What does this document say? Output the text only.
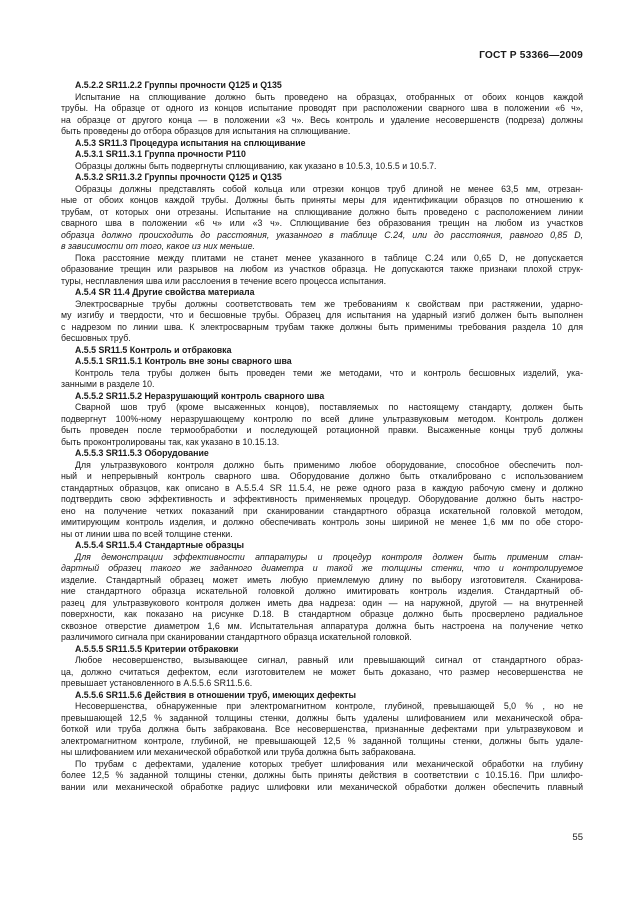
ГОСТ Р 53366—2009
A.5.2.2 SR11.2.2 Группы прочности Q125 и Q135
Испытание на сплющивание должно быть проведено на образцах, отобранных от обоих концов каждой
трубы. На образце от одного из концов испытание проводят при расположении сварного шва в положении «6 ч»,
на образце от другого конца — в положении «3 ч». Весь контроль и удаление несовершенств (подреза) должны
быть проведены до отбора образцов для испытания на сплющивание.
A.5.3 SR11.3 Процедура испытания на сплющивание
A.5.3.1 SR11.3.1 Группа прочности P110
Образцы должны быть подвергнуты сплющиванию, как указано в 10.5.3, 10.5.5 и 10.5.7.
A.5.3.2 SR11.3.2 Группы прочности Q125 и Q135
Образцы должны представлять собой кольца или отрезки концов труб длиной не менее 63,5 мм, отрезан-
ные от обоих концов каждой трубы. Должны быть приняты меры для идентификации образцов по отношению к
трубам, от которых они отрезаны. Испытание на сплющивание должно быть проведено с расположением линии
сварного шва в положении «6 ч» или «3 ч». Сплющивание без образования трещин на любом из участков
образца должно происходить до расстояния, указанного в таблице С.24, или до расстояния, равного 0,85 D,
в зависимости от того, какое из них меньше.
Пока расстояние между плитами не станет менее указанного в таблице С.24 или 0,65 D, не допускается
образование трещин или разрывов на любом из участков образца. Не допускаются также признаки плохой струк-
туры, несплавления шва или расслоения в течение всего процесса испытания.
A.5.4 SR 11.4 Другие свойства материала
Электросварные трубы должны соответствовать тем же требованиям к свойствам при растяжении, ударно-
му изгибу и твердости, что и бесшовные трубы. Образец для испытания на ударный изгиб должен быть выполнен
с надрезом по линии шва. К электросварным трубам также должны быть применимы требования раздела 10 для
бесшовных труб.
A.5.5 SR11.5 Контроль и отбраковка
A.5.5.1 SR11.5.1 Контроль вне зоны сварного шва
Контроль тела трубы должен быть проведен теми же методами, что и контроль бесшовных изделий, ука-
занными в разделе 10.
A.5.5.2 SR11.5.2 Неразрушающий контроль сварного шва
Сварной шов труб (кроме высаженных концов), поставляемых по настоящему стандарту, должен быть
подвергнут 100%-ному неразрушающему контролю по всей длине ультразвуковым методом. Контроль должен
быть проведен после термообработки и последующей ротационной правки. Высаженные концы труб должны
быть проконтролированы так, как указано в 10.15.13.
A.5.5.3 SR11.5.3 Оборудование
Для ультразвукового контроля должно быть применимо любое оборудование, способное обеспечить пол-
ный и непрерывный контроль сварного шва. Оборудование должно быть откалибровано с использованием
стандартных образцов, как описано в А.5.5.4 SR 11.5.4, не реже одного раза в каждую рабочую смену и должно
подтвердить свою эффективность и эффективность применяемых процедур. Оборудование должно быть настро-
ено на получение четких показаний при сканировании стандартного образца искательной головкой методом,
имитирующим контроль изделия, и должно обеспечивать контроль зоны шириной не менее 1,6 мм по обе сторо-
ны от линии шва по всей толщине стенки.
A.5.5.4 SR11.5.4 Стандартные образцы
Для демонстрации эффективности аппаратуры и процедур контроля должен быть применим стан-
дартный образец такого же заданного диаметра и такой же толщины стенки, что и контролируемое
изделие. Стандартный образец может иметь любую приемлемую длину по выбору изготовителя. Сканирова-
ние стандартного образца искательной головкой должно имитировать контроль изделия. Стандартный об-
разец для ультразвукового контроля должен иметь два надреза: один — на наружной, другой — на внутренней
поверхности, как показано на рисунке D.18. В стандартном образце должно быть просверлено радиальное
сквозное отверстие диаметром 1,6 мм. Испытательная аппаратура должна быть настроена на получение четко
различимого сигнала при сканировании стандартного образца искательной головкой.
A.5.5.5 SR11.5.5 Критерии отбраковки
Любое несовершенство, вызывающее сигнал, равный или превышающий сигнал от стандартного образ-
ца, должно считаться дефектом, если изготовителем не может быть доказано, что размер несовершенства не
превышает установленного в А.5.5.6 SR11.5.6.
A.5.5.6 SR11.5.6 Действия в отношении труб, имеющих дефекты
Несовершенства, обнаруженные при электромагнитном контроле, глубиной, превышающей 5,0 % , но не
превышающей 12,5 % заданной толщины стенки, должны быть удалены шлифованием или механической обра-
боткой или труба должна быть забракована. Все несовершенства, признанные дефектами при ультразвуковом и
электромагнитном контроле, глубиной, не превышающей 12,5 % заданной толщины стенки, должны быть удале-
ны шлифованием или механической обработкой или труба должна быть забракована.
По трубам с дефектами, удаление которых требует шлифования или механической обработки на глубину
более 12,5 % заданной толщины стенки, должны быть приняты действия в соответствии с 10.15.16. При шлифо-
вании или механической обработке радиус шлифовки или механической обработки должен обеспечить плавный
55
